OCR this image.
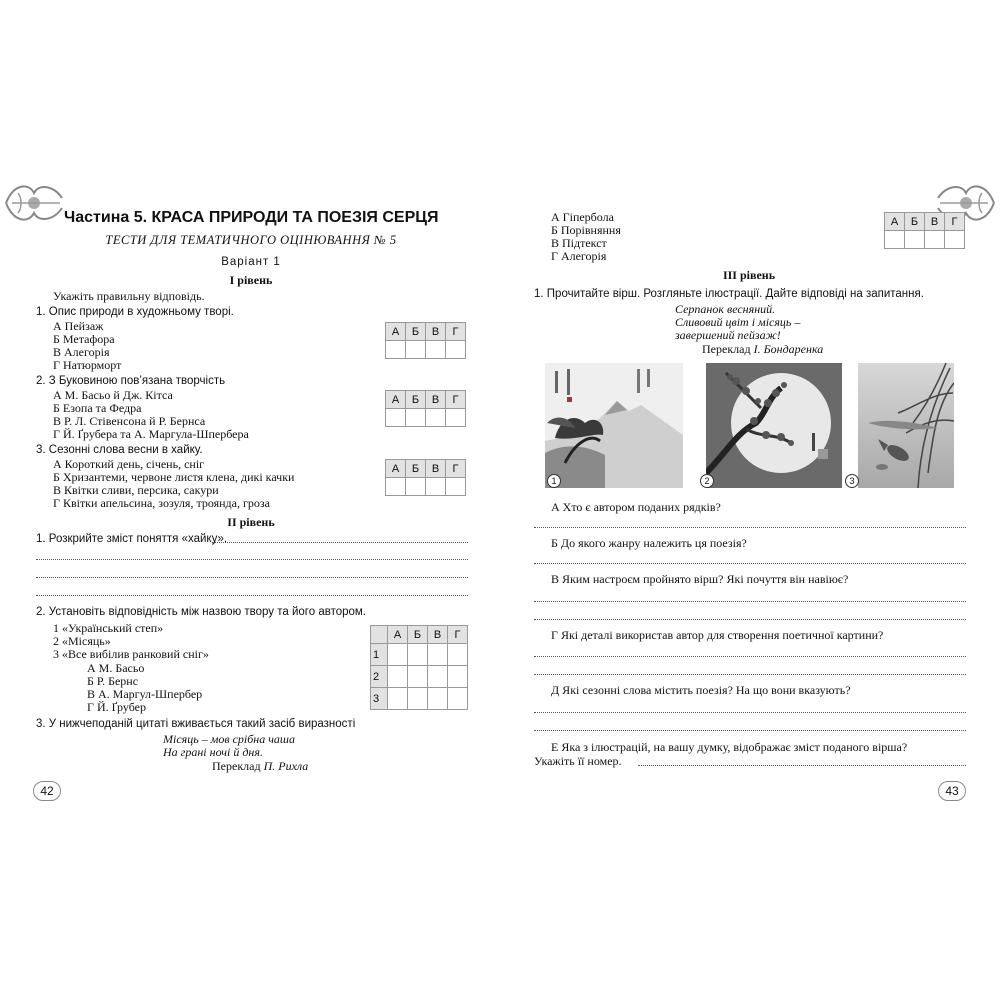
Частина 5. КРАСА ПРИРОДИ ТА ПОЕЗІЯ СЕРЦЯ
ТЕСТИ ДЛЯ ТЕМАТИЧНОГО ОЦІНЮВАННЯ № 5
Варіант 1
І рівень
Укажіть правильну відповідь.
1. Опис природи в художньому творі.
А Пейзаж
Б Метафора
В Алегорія
Г Натюрморт
А	Б	В	Г

2. З Буковиною пов’язана творчість
А М. Басьо й Дж. Кітса
Б Езопа та Федра
В Р. Л. Стівенсона й Р. Бернса
Г Й. Ґрубера та А. Маргула-Шпербера
А	Б	В	Г

3. Сезонні слова весни в хайку.
А Короткий день, січень, сніг
Б Хризантеми, червоне листя клена, дикі качки
В Квітки сливи, персика, сакури
Г Квітки апельсина, зозуля, троянда, гроза
А	Б	В	Г

ІІ рівень
1. Розкрийте зміст поняття «хайку».
2. Установіть відповідність між назвою твору та його автором.
1 «Український степ»
2 «Місяць»
3 «Все вибілив ранковий сніг»
А М. Басьо
Б Р. Бернс
В А. Маргул-Шпербер
Г Й. Ґрубер
	А	Б	В	Г
1				
2				
3				
3. У нижчеподаній цитаті вживається такий засіб виразності
Місяць – мов срібна чаша
На грані ночі й дня.
Переклад П. Рихла
42
А Гіпербола
Б Порівняння
В Підтекст
Г Алегорія
А	Б	В	Г

ІІІ рівень
1. Прочитайте вірш. Розгляньте ілюстрації. Дайте відповіді на запитання.
Серпанок весняний.
Сливовий цвіт і місяць –
завершений пейзаж!
Переклад І. Бондаренка
1	2	3
А Хто є автором поданих рядків?
Б До якого жанру належить ця поезія?
В Яким настроєм пройнято вірш? Які почуття він навіює?
Г Які деталі використав автор для створення поетичної картини?
Д Які сезонні слова містить поезія? На що вони вказують?
Е Яка з ілюстрацій, на вашу думку, відображає зміст поданого вірша?
Укажіть її номер.
43
